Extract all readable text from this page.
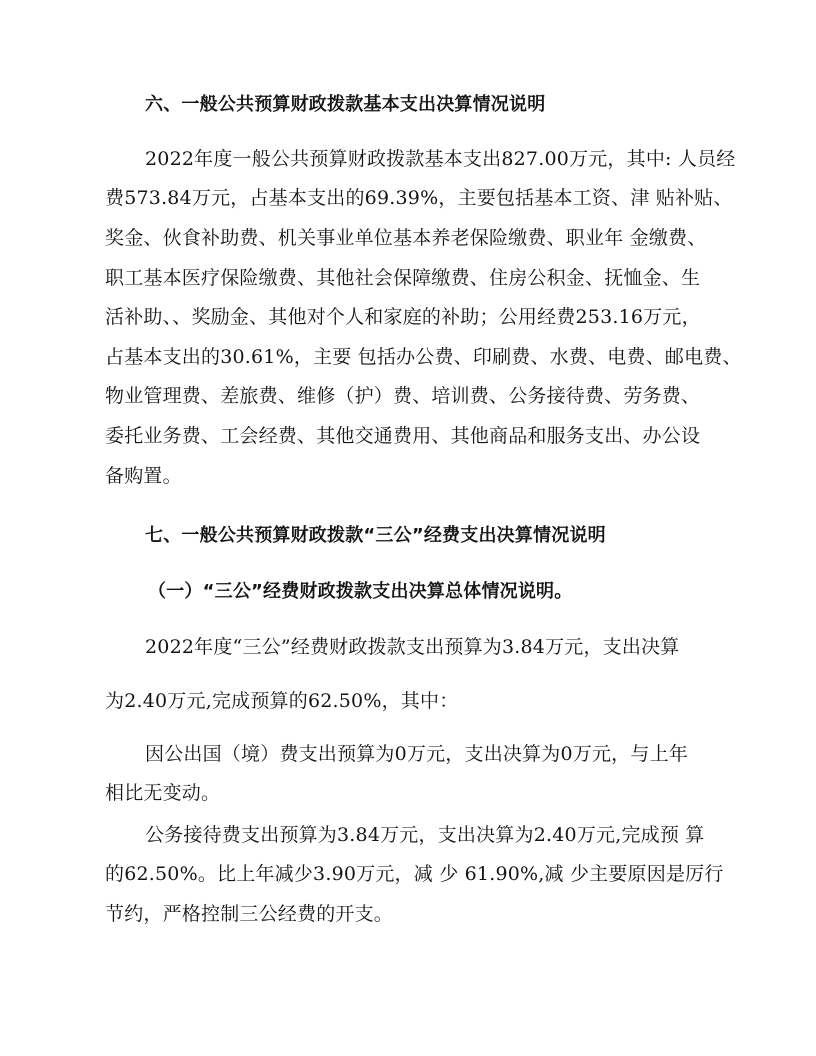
六、一般公共预算财政拨款基本支出决算情况说明
2022年度一般公共预算财政拨款基本支出827.00万元，其中: 人员经
费573.84万元，占基本支出的69.39%，主要包括基本工资、津 贴补贴、
奖金、伙食补助费、机关事业单位基本养老保险缴费、职业年 金缴费、
职工基本医疗保险缴费、其他社会保障缴费、住房公积金、抚恤金、生
活补助、、奖励金、其他对个人和家庭的补助；公用经费253.16万元，
占基本支出的30.61%，主要 包括办公费、印刷费、水费、电费、邮电费、
物业管理费、差旅费、维修（护）费、培训费、公务接待费、劳务费、
委托业务费、工会经费、其他交通费用、其他商品和服务支出、办公设
备购置。
七、一般公共预算财政拨款“三公”经费支出决算情况说明
（一）“三公”经费财政拨款支出决算总体情况说明。
2022年度“三公”经费财政拨款支出预算为3.84万元，支出决算
为2.40万元,完成预算的62.50%，其中：
因公出国（境）费支出预算为0万元，支出决算为0万元，与上年
相比无变动。
公务接待费支出预算为3.84万元，支出决算为2.40万元,完成预 算
的62.50%。比上年减少3.90万元，减 少 61.90%,减 少主要原因是厉行
节约，严格控制三公经费的开支。
